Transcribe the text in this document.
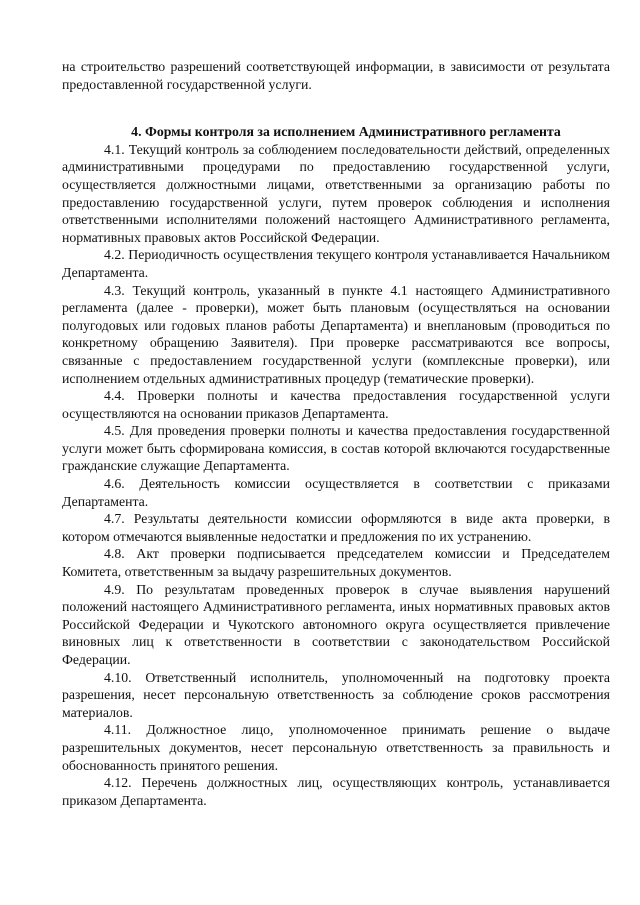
на строительство разрешений соответствующей информации, в зависимости от результата предоставленной государственной услуги.

4. Формы контроля за исполнением Административного регламента

4.1. Текущий контроль за соблюдением последовательности действий, определенных административными процедурами по предоставлению государственной услуги, осуществляется должностными лицами, ответственными за организацию работы по предоставлению государственной услуги, путем проверок соблюдения и исполнения ответственными исполнителями положений настоящего Административного регламента, нормативных правовых актов Российской Федерации.

4.2. Периодичность осуществления текущего контроля устанавливается Начальником Департамента.

4.3. Текущий контроль, указанный в пункте 4.1 настоящего Административного регламента (далее - проверки), может быть плановым (осуществляться на основании полугодовых или годовых планов работы Департамента) и внеплановым (проводиться по конкретному обращению Заявителя). При проверке рассматриваются все вопросы, связанные с предоставлением государственной услуги (комплексные проверки), или исполнением отдельных административных процедур (тематические проверки).

4.4. Проверки полноты и качества предоставления государственной услуги осуществляются на основании приказов Департамента.

4.5. Для проведения проверки полноты и качества предоставления государственной услуги может быть сформирована комиссия, в состав которой включаются государственные гражданские служащие Департамента.

4.6. Деятельность комиссии осуществляется в соответствии с приказами Департамента.

4.7. Результаты деятельности комиссии оформляются в виде акта проверки, в котором отмечаются выявленные недостатки и предложения по их устранению.

4.8. Акт проверки подписывается председателем комиссии и Председателем Комитета, ответственным за выдачу разрешительных документов.

4.9. По результатам проведенных проверок в случае выявления нарушений положений настоящего Административного регламента, иных нормативных правовых актов Российской Федерации и Чукотского автономного округа осуществляется привлечение виновных лиц к ответственности в соответствии с законодательством Российской Федерации.

4.10. Ответственный исполнитель, уполномоченный на подготовку проекта разрешения, несет персональную ответственность за соблюдение сроков рассмотрения материалов.

4.11. Должностное лицо, уполномоченное принимать решение о выдаче разрешительных документов, несет персональную ответственность за правильность и обоснованность принятого решения.

4.12. Перечень должностных лиц, осуществляющих контроль, устанавливается приказом Департамента.
